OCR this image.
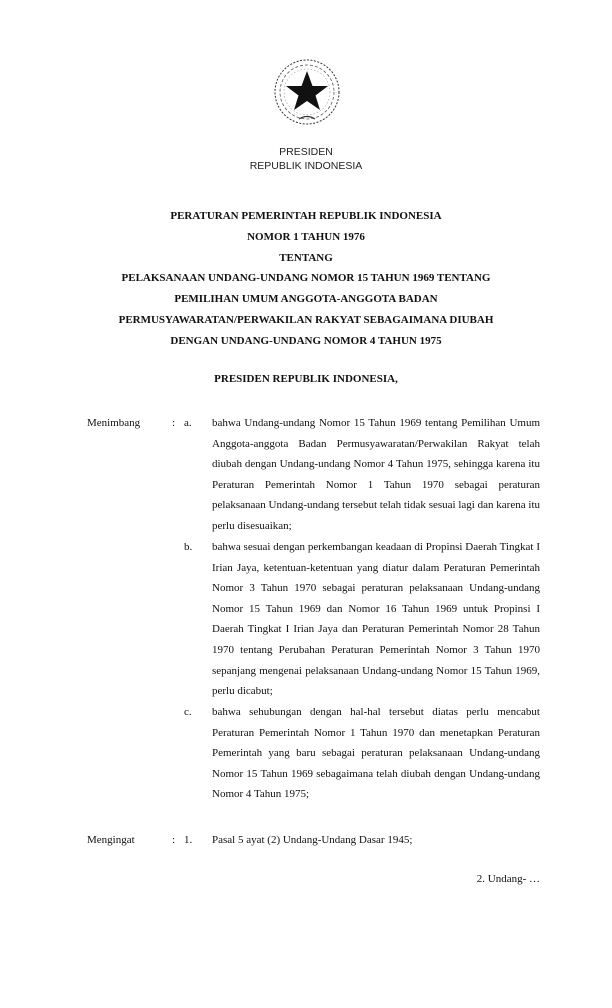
PRESIDEN
REPUBLIK INDONESIA
PERATURAN PEMERINTAH REPUBLIK INDONESIA
NOMOR 1 TAHUN 1976
TENTANG
PELAKSANAAN UNDANG-UNDANG NOMOR 15 TAHUN 1969 TENTANG
PEMILIHAN UMUM ANGGOTA-ANGGOTA BADAN
PERMUSYAWARATAN/PERWAKILAN RAKYAT SEBAGAIMANA DIUBAH
DENGAN UNDANG-UNDANG NOMOR 4 TAHUN 1975
PRESIDEN REPUBLIK INDONESIA,
Menimbang	: a. bahwa Undang-undang Nomor 15 Tahun 1969 tentang Pemilihan Umum Anggota-anggota Badan Permusyawaratan/Perwakilan Rakyat telah diubah dengan Undang-undang Nomor 4 Tahun 1975, sehingga karena itu Peraturan Pemerintah Nomor 1 Tahun 1970 sebagai peraturan pelaksanaan Undang-undang tersebut telah tidak sesuai lagi dan karena itu perlu disesuaikan;
b. bahwa sesuai dengan perkembangan keadaan di Propinsi Daerah Tingkat I Irian Jaya, ketentuan-ketentuan yang diatur dalam Peraturan Pemerintah Nomor 3 Tahun 1970 sebagai peraturan pelaksanaan Undang-undang Nomor 15 Tahun 1969 dan Nomor 16 Tahun 1969 untuk Propinsi I Daerah Tingkat I Irian Jaya dan Peraturan Pemerintah Nomor 28 Tahun 1970 tentang Perubahan Peraturan Pemerintah Nomor 3 Tahun 1970 sepanjang mengenai pelaksanaan Undang-undang Nomor 15 Tahun 1969, perlu dicabut;
c. bahwa sehubungan dengan hal-hal tersebut diatas perlu mencabut Peraturan Pemerintah Nomor 1 Tahun 1970 dan menetapkan Peraturan Pemerintah yang baru sebagai peraturan pelaksanaan Undang-undang Nomor 15 Tahun 1969 sebagaimana telah diubah dengan Undang-undang Nomor 4 Tahun 1975;
Mengingat	: 1. Pasal 5 ayat (2) Undang-Undang Dasar 1945;
2. Undang- …
